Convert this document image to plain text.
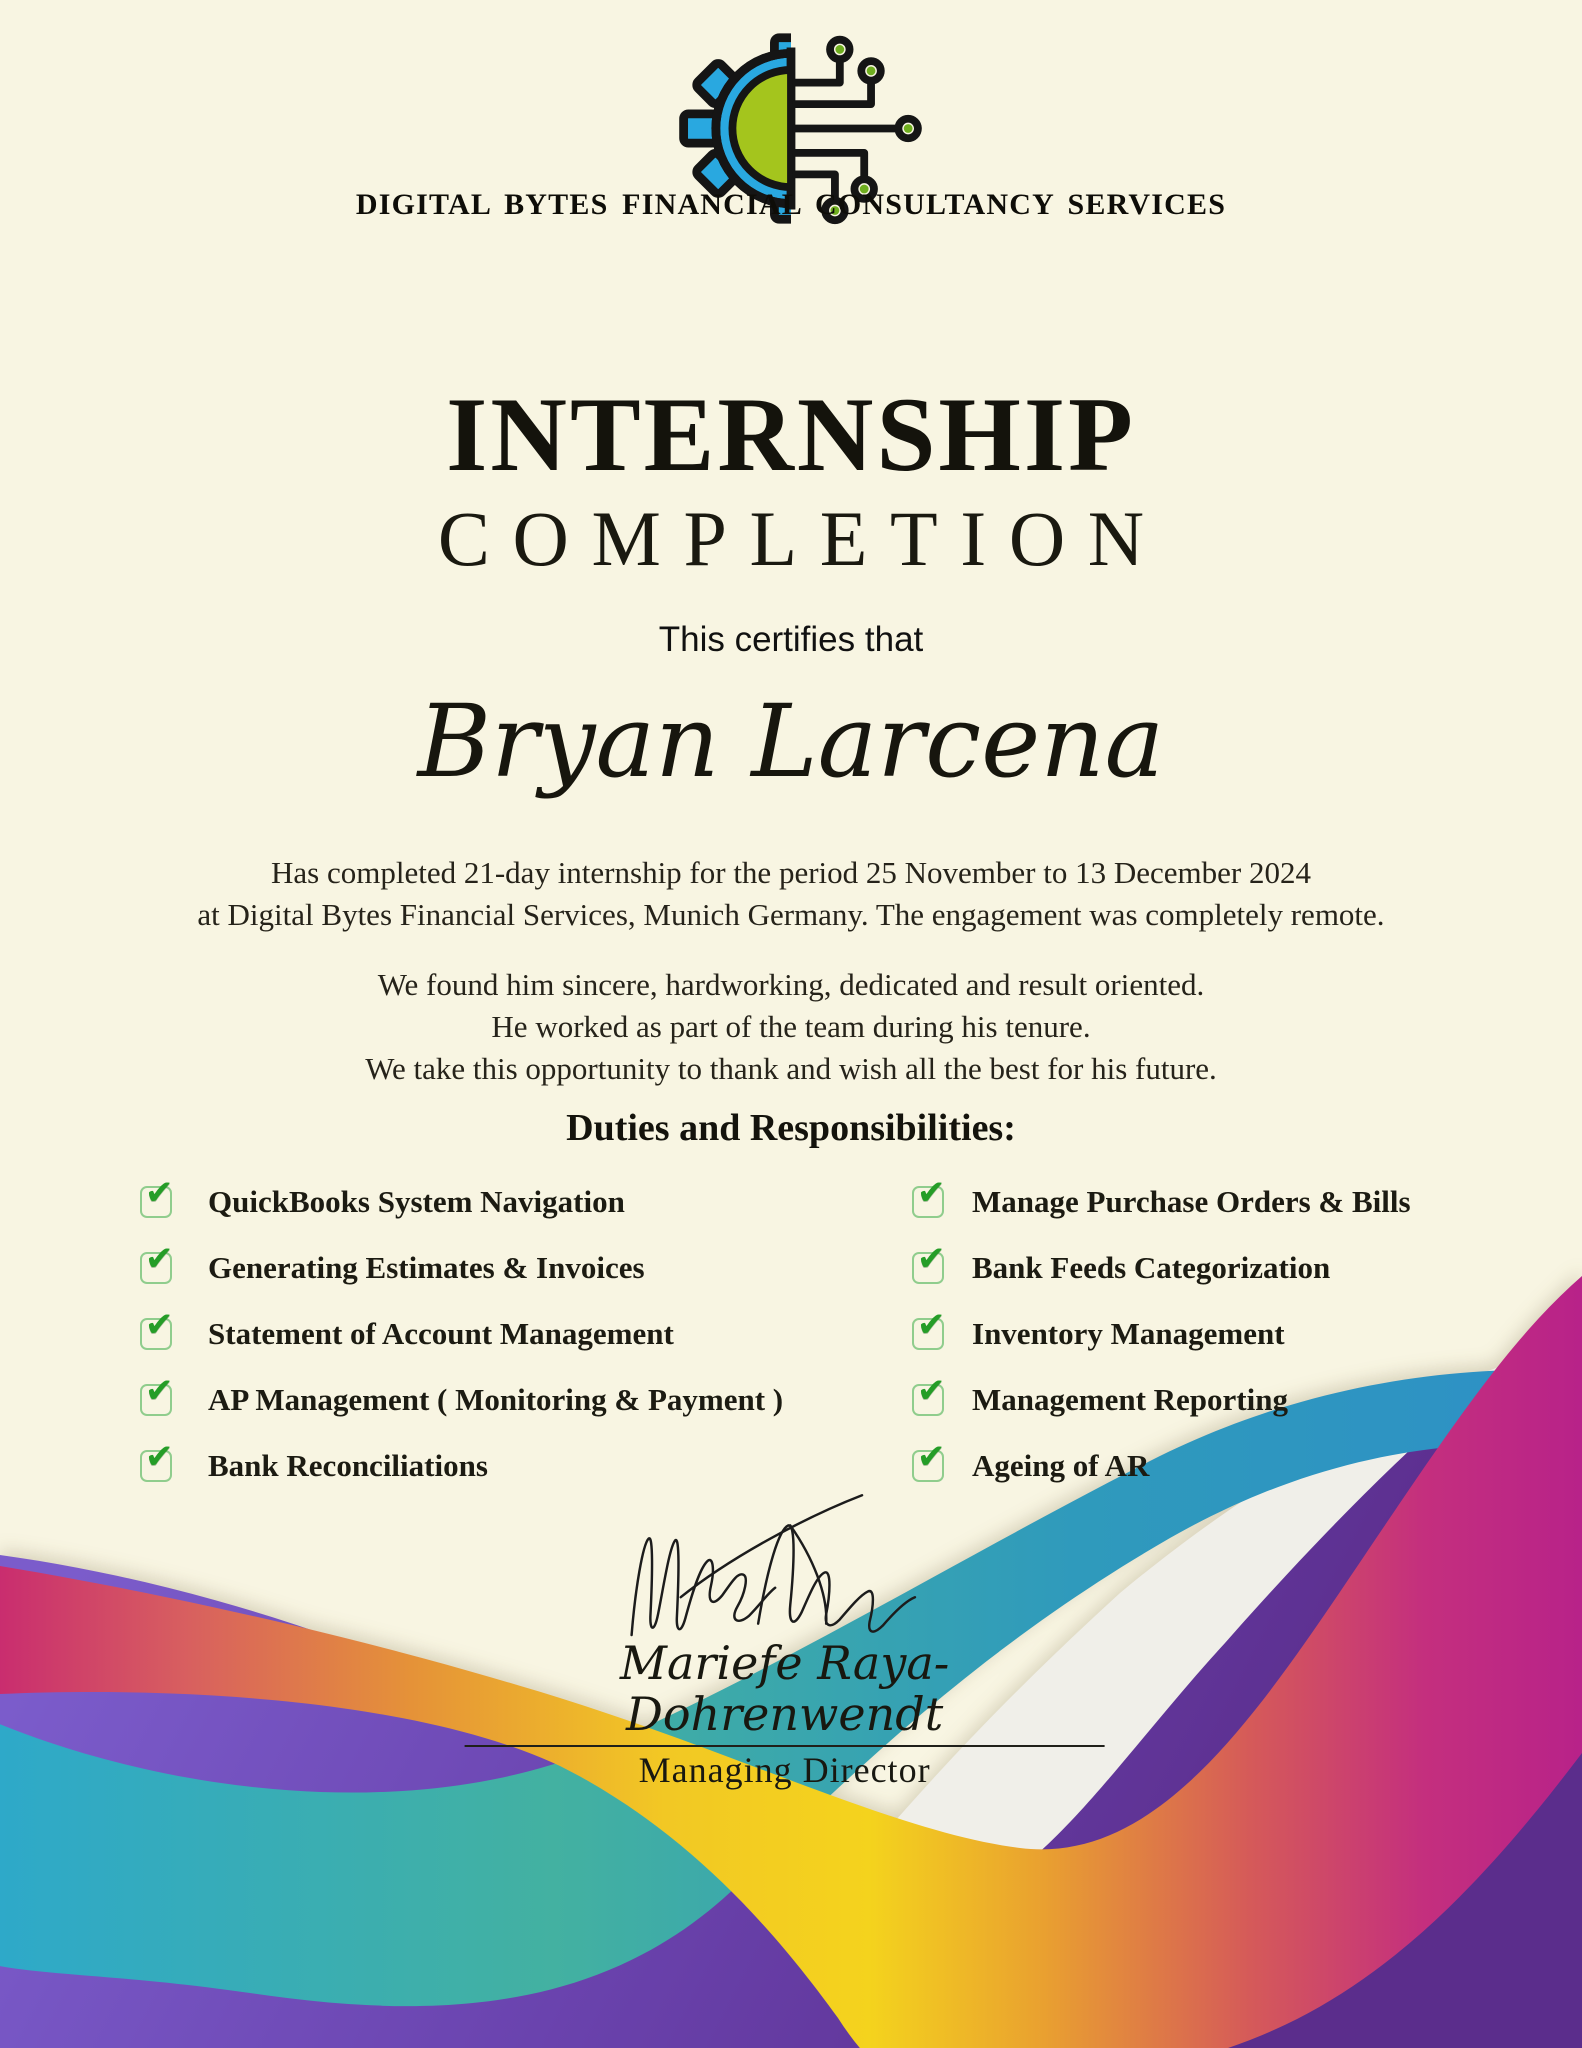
DIGITAL BYTES FINANCIAL CONSULTANCY SERVICES
INTERNSHIP
COMPLETION
This certifies that
Bryan Larcena
Has completed 21-day internship for the period 25 November to 13 December 2024
at Digital Bytes Financial Services, Munich Germany. The engagement was completely remote.
We found him sincere, hardworking, dedicated and result oriented.
He worked as part of the team during his tenure.
We take this opportunity to thank and wish all the best for his future.
Duties and Responsibilities:
✔ QuickBooks System Navigation
✔ Generating Estimates & Invoices
✔ Statement of Account Management
✔ AP Management ( Monitoring & Payment )
✔ Bank Reconciliations
✔ Manage Purchase Orders & Bills
✔ Bank Feeds Categorization
✔ Inventory Management
✔ Management Reporting
✔ Ageing of AR
Mariefe Raya-Dohrenwendt
Managing Director
